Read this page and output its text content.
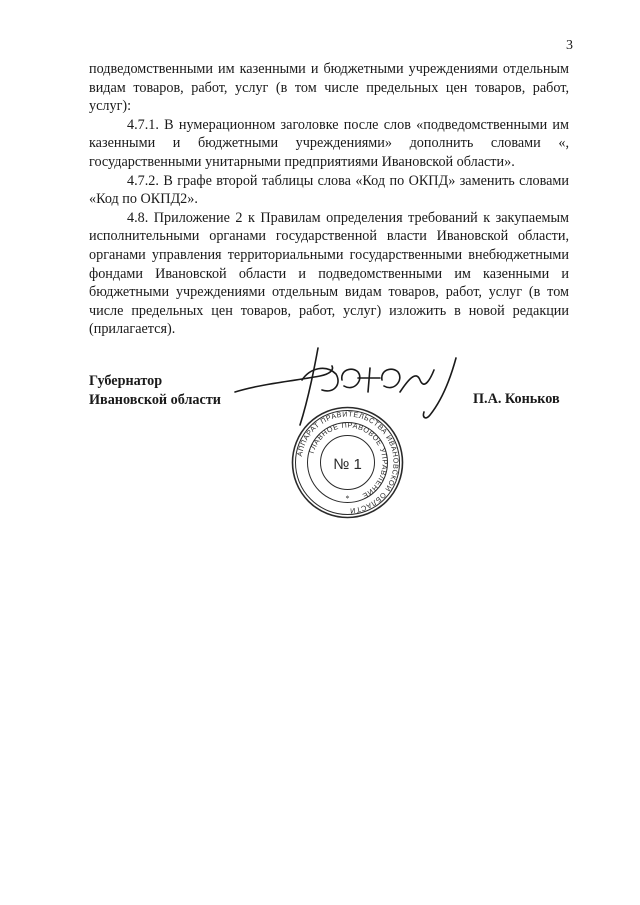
3

подведомственными им казенными и бюджетными учреждениями отдельным видам товаров, работ, услуг (в том числе предельных цен товаров, работ, услуг):

4.7.1. В нумерационном заголовке после слов «подведомственными им казенными и бюджетными учреждениями» дополнить словами «, государственными унитарными предприятиями Ивановской области».

4.7.2. В графе второй таблицы слова «Код по ОКПД» заменить словами «Код по ОКПД2».

4.8. Приложение 2 к Правилам определения требований к закупаемым исполнительными органами государственной власти Ивановской области, органами управления территориальными государственными внебюджетными фондами Ивановской области и подведомственными им казенными и бюджетными учреждениями отдельным видам товаров, работ, услуг (в том числе предельных цен товаров, работ, услуг) изложить в новой редакции (прилагается).

Губернатор
Ивановской области	П.А. Коньков
АППАРАТ ПРАВИТЕЛЬСТВА ИВАНОВСКОЙ ОБЛАСТИ
ГЛАВНОЕ ПРАВОВОЕ УПРАВЛЕНИЕ
№ 1
*
